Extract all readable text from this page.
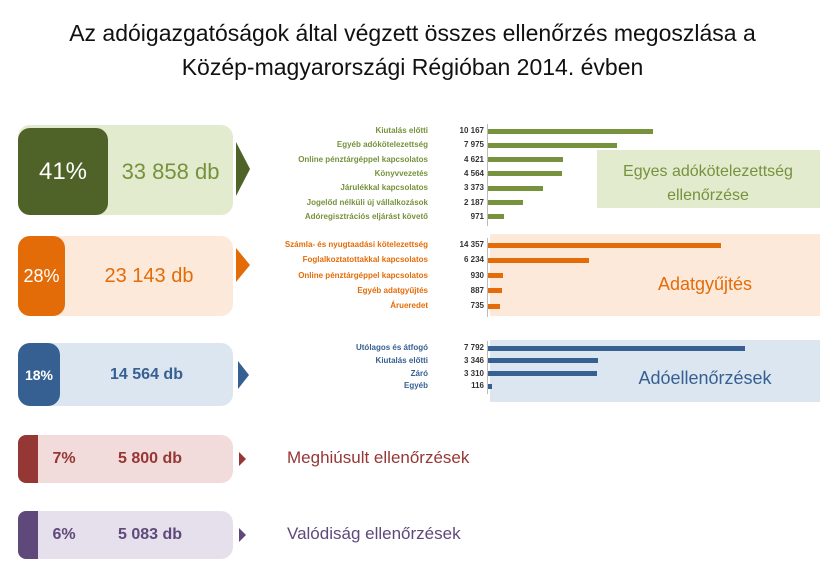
Az adóigazgatóságok által végzett összes ellenőrzés megoszlása a
Közép-magyarországi Régióban 2014. évben
41%	33 858 db
28%	23 143 db
18%	14 564 db
7%	5 800 db	Meghiúsult ellenőrzések
6%	5 083 db	Valódiság ellenőrzések
Egyes adókötelezettség ellenőrzése
Kiutalás előtti	10 167
Egyéb adókötelezettség	7 975
Online pénztárgéppel kapcsolatos	4 621
Könyvvezetés	4 564
Járulékkal kapcsolatos	3 373
Jogelőd nélküli új vállalkozások	2 187
Adóregisztrációs eljárást követő	971
Adatgyűjtés
Számla- és nyugtaadási kötelezettség	14 357
Foglalkoztatottakkal kapcsolatos	6 234
Online pénztárgéppel kapcsolatos	930
Egyéb adatgyűjtés	887
Árueredet	735
Adóellenőrzések
Utólagos és átfogó	7 792
Kiutalás előtti	3 346
Záró	3 310
Egyéb	116
